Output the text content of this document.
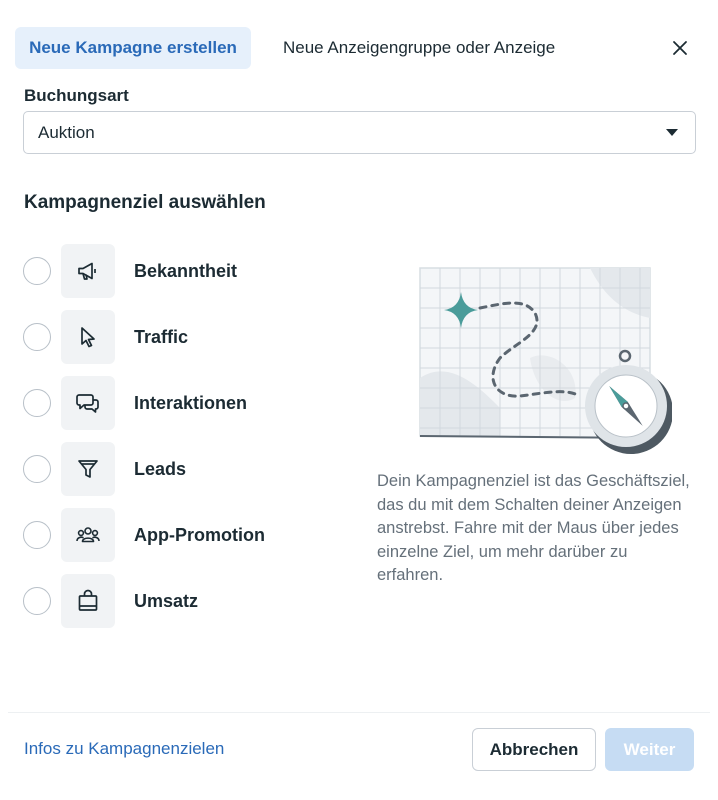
Neue Kampagne erstellen	Neue Anzeigengruppe oder Anzeige
Buchungsart
Auktion
Kampagnenziel auswählen
Bekanntheit
Traffic
Interaktionen
Leads
App-Promotion
Umsatz
Dein Kampagnenziel ist das Geschäftsziel, das du mit dem Schalten deiner Anzeigen anstrebst. Fahre mit der Maus über jedes einzelne Ziel, um mehr darüber zu erfahren.
Infos zu Kampagnenzielen	Abbrechen	Weiter
